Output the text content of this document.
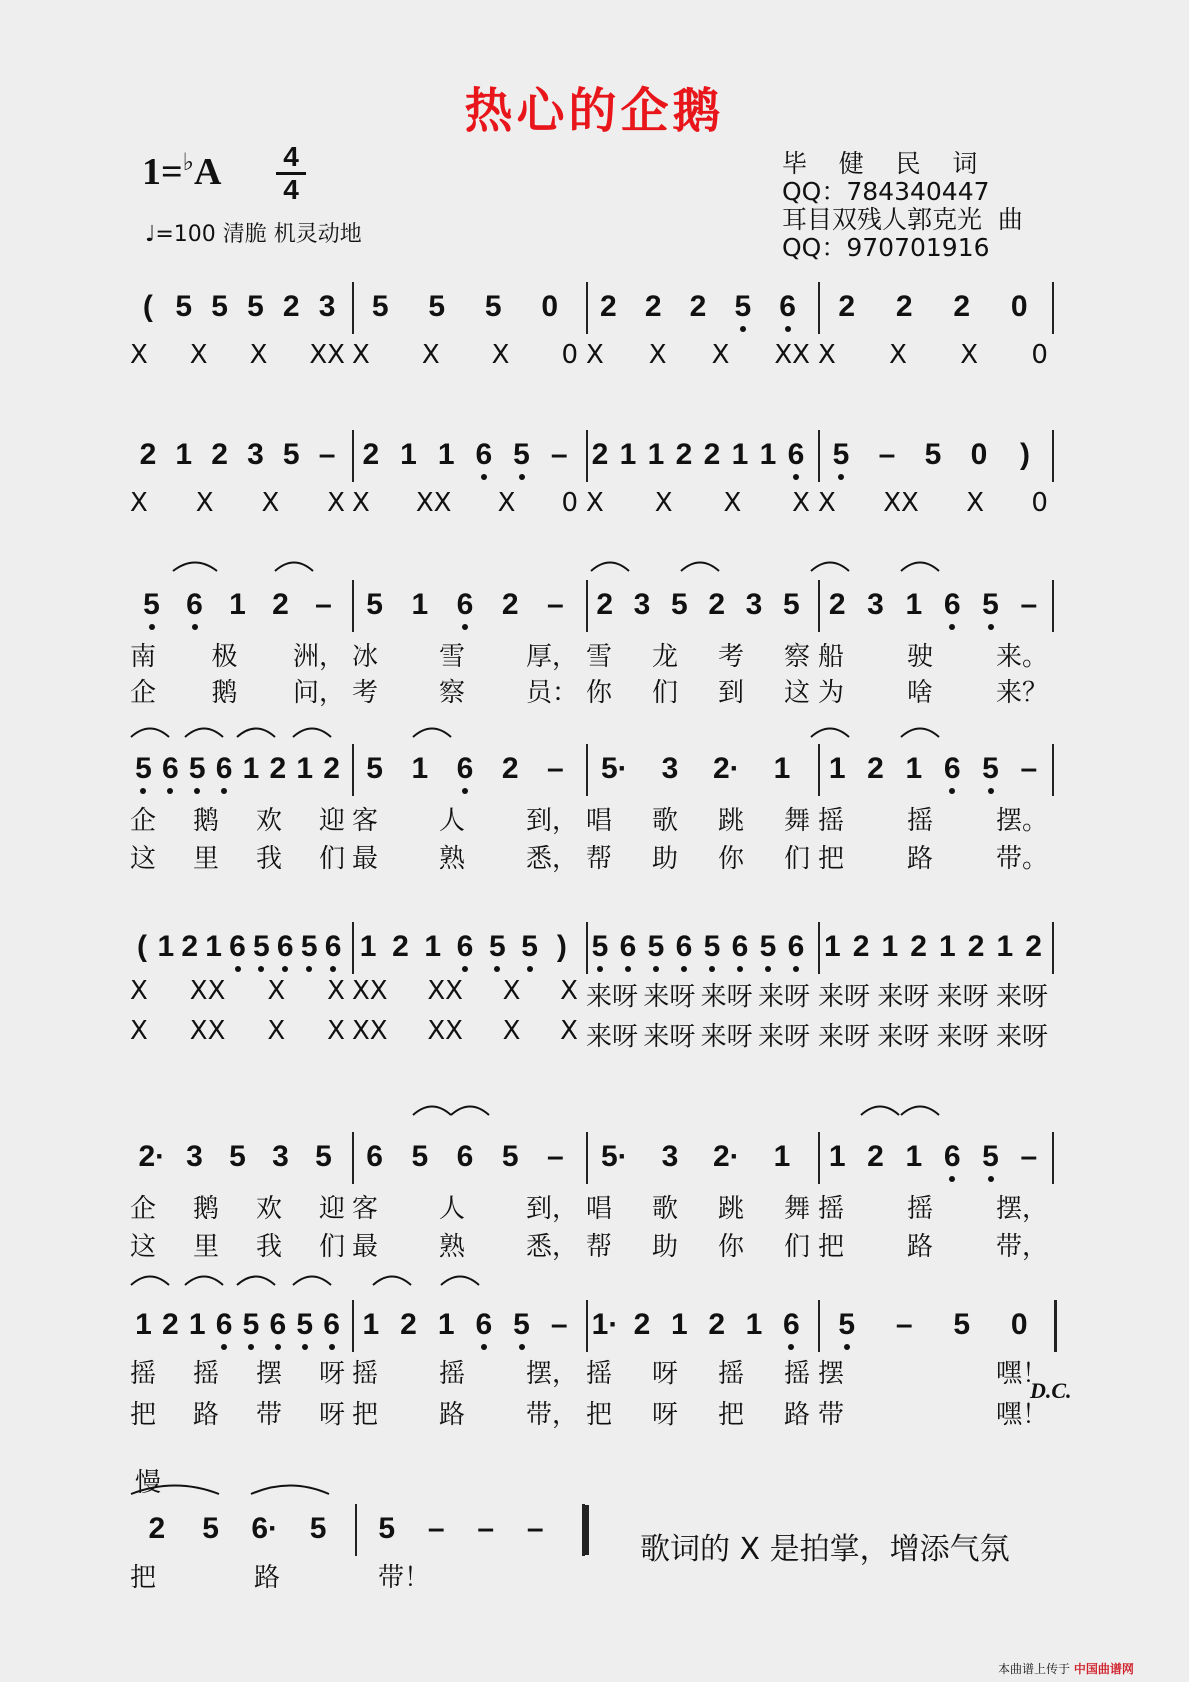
热心的企鹅
1=♭A	4
4
♩=100 清脆 机灵动地
毕    健    民    词
QQ：784340447
耳目双残人郭克光  曲
QQ：970701916
( 5 5 5 2 3 5 5 5 0 2 2 2 5 6 2 2 2 0
X X X XX X X X 0 X X X XX X X X 0
2 1 2 3 5 – 2 1 1 6 5 – 2 1 1 2 2 1 1 6 5 – 5 0 )
X X X X X XX X 0 X X X X X XX X 0
5 6 1 2 – 5 1 6 2 – 2 3 5 2 3 5 2 3 1 6 5 –
南 极 洲， 冰 雪 厚， 雪 龙 考 察 船 驶 来。
企 鹅 问， 考 察 员： 你 们 到 这 为 啥 来？
5 6 5 6 1 2 1 2 5 1 6 2 – 5· 3 2· 1 1 2 1 6 5 –
企 鹅 欢 迎 客 人 到， 唱 歌 跳 舞 摇 摇 摆。
这 里 我 们 最 熟 悉， 帮 助 你 们 把 路 带。
( 1 2 1 6 5 6 5 6 1 2 1 6 5 5 ) 5 6 5 6 5 6 5 6 1 2 1 2 1 2 1 2
X XX X X XX XX X X 来呀 来呀 来呀 来呀 来呀 来呀 来呀 来呀
X XX X X XX XX X X 来呀 来呀 来呀 来呀 来呀 来呀 来呀 来呀
2· 3 5 3 5 6 5 6 5 – 5· 3 2· 1 1 2 1 6 5 –
企 鹅 欢 迎 客 人 到， 唱 歌 跳 舞 摇 摇 摆，
这 里 我 们 最 熟 悉， 帮 助 你 们 把 路 带，
1 2 1 6 5 6 5 6 1 2 1 6 5 – 1· 2 1 2 1 6 5 – 5 0
摇 摇 摆 呀 摇 摇 摆， 摇 呀 摇 摇 摆	嘿！
把 路 带 呀 把 路 带， 把 呀 把 路 带	嘿！
2 5 6· 5 5 – – –
把	路	带！
D.C.
慢
歌词的 X 是拍掌，增添气氛
本曲谱上传于 中国曲谱网
